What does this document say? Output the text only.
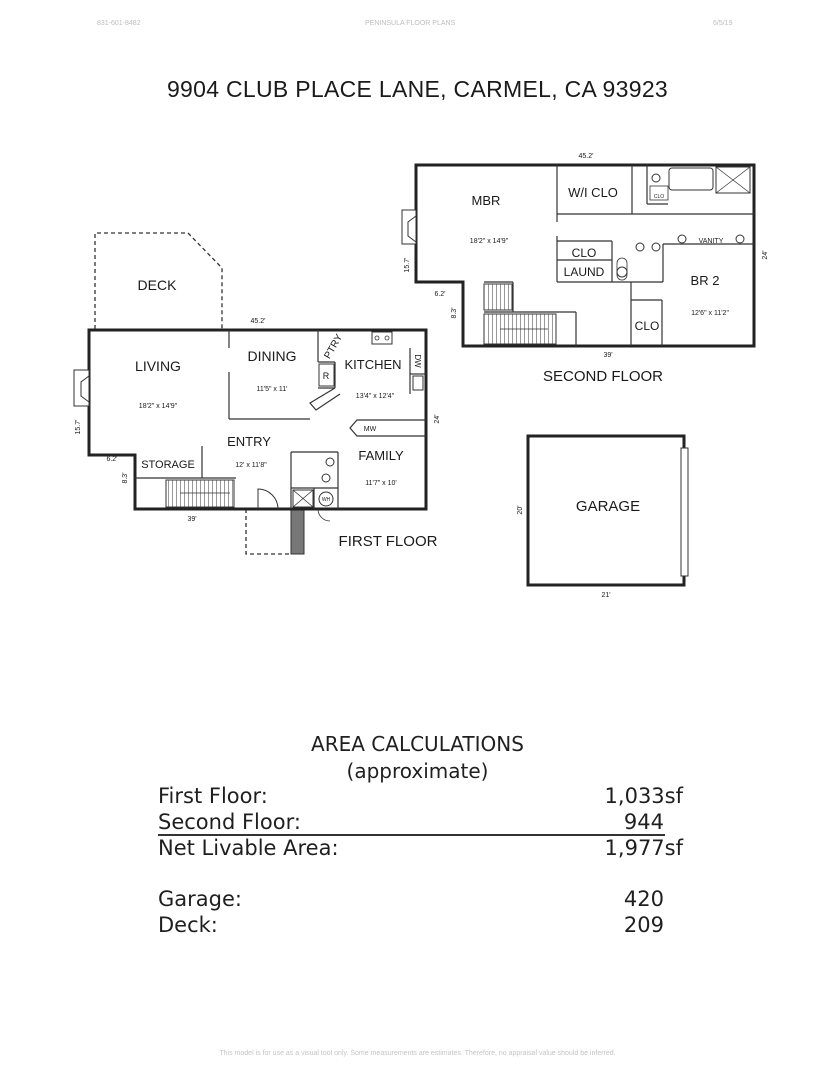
831-601-8482	PENINSULA FLOOR PLANS	6/5/19
9904 CLUB PLACE LANE, CARMEL, CA 93923
MBR
18'2" x 14'9"
W/I CLO
CLO
LAUND
BR 2
12'6" x 11'2"
CLO
VANITY
CLO
45.2'
39'
24'
15.7'
6.2'
8.3'
SECOND FLOOR
DECK
LIVING
18'2" x 14'9"
DINING
11'5" x 11'
PTRY
R
KITCHEN
13'4" x 12'4"
DW
MW
ENTRY
12' x 11'8"
STORAGE
FAMILY
11'7" x 10'
WH
45.2'
39'
24'
15.7'
6.2'
8.3'
FIRST FLOOR
GARAGE
21'
20'
AREA CALCULATIONS
(approximate)
First Floor:	1,033sf
Second Floor:	944
Net Livable Area:	1,977sf
Garage:	420
Deck:	209
This model is for use as a visual tool only. Some measurements are estimates. Therefore, no appraisal value should be inferred.
